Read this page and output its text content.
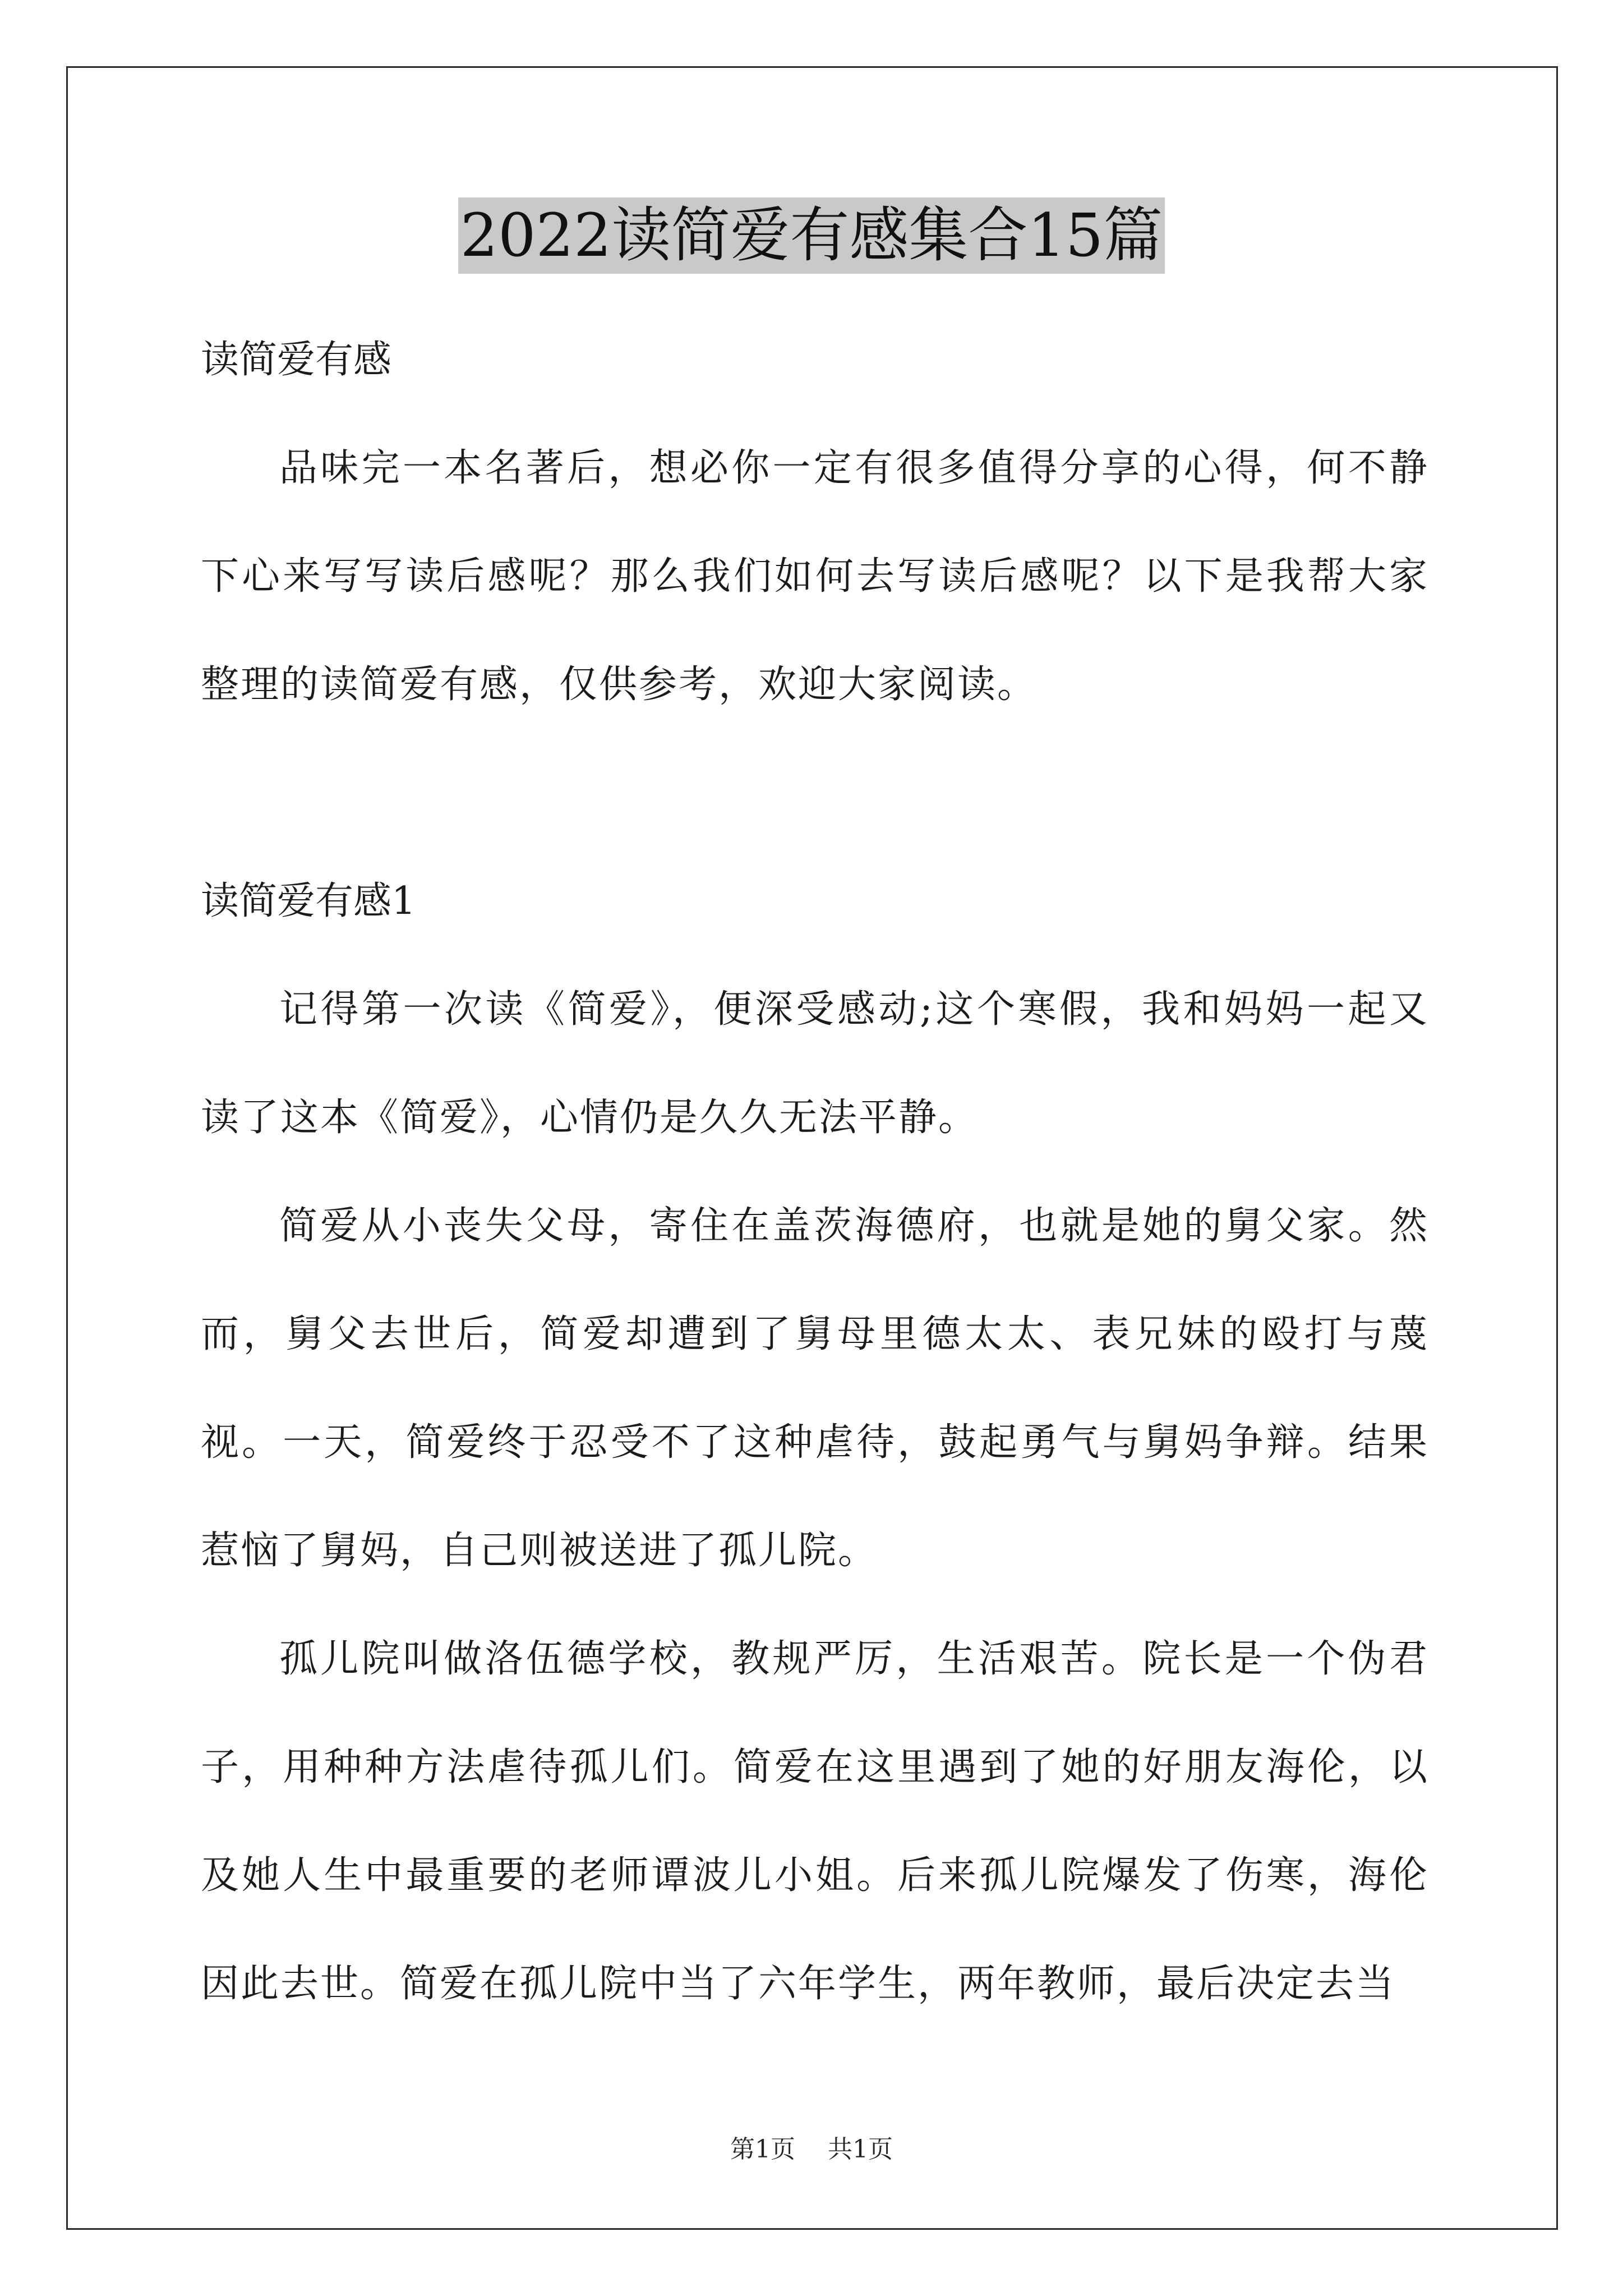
2022读简爱有感集合15篇

读简爱有感

品味完一本名著后，想必你一定有很多值得分享的心得，何不静下心来写写读后感呢？那么我们如何去写读后感呢？以下是我帮大家整理的读简爱有感，仅供参考，欢迎大家阅读。

读简爱有感1

记得第一次读《简爱》，便深受感动;这个寒假，我和妈妈一起又读了这本《简爱》，心情仍是久久无法平静。

简爱从小丧失父母，寄住在盖茨海德府，也就是她的舅父家。然而，舅父去世后，简爱却遭到了舅母里德太太、表兄妹的殴打与蔑视。一天，简爱终于忍受不了这种虐待，鼓起勇气与舅妈争辩。结果惹恼了舅妈，自己则被送进了孤儿院。

孤儿院叫做洛伍德学校，教规严厉，生活艰苦。院长是一个伪君子，用种种方法虐待孤儿们。简爱在这里遇到了她的好朋友海伦，以及她人生中最重要的老师谭波儿小姐。后来孤儿院爆发了伤寒，海伦因此去世。简爱在孤儿院中当了六年学生，两年教师，最后决定去当

第1页 共1页
